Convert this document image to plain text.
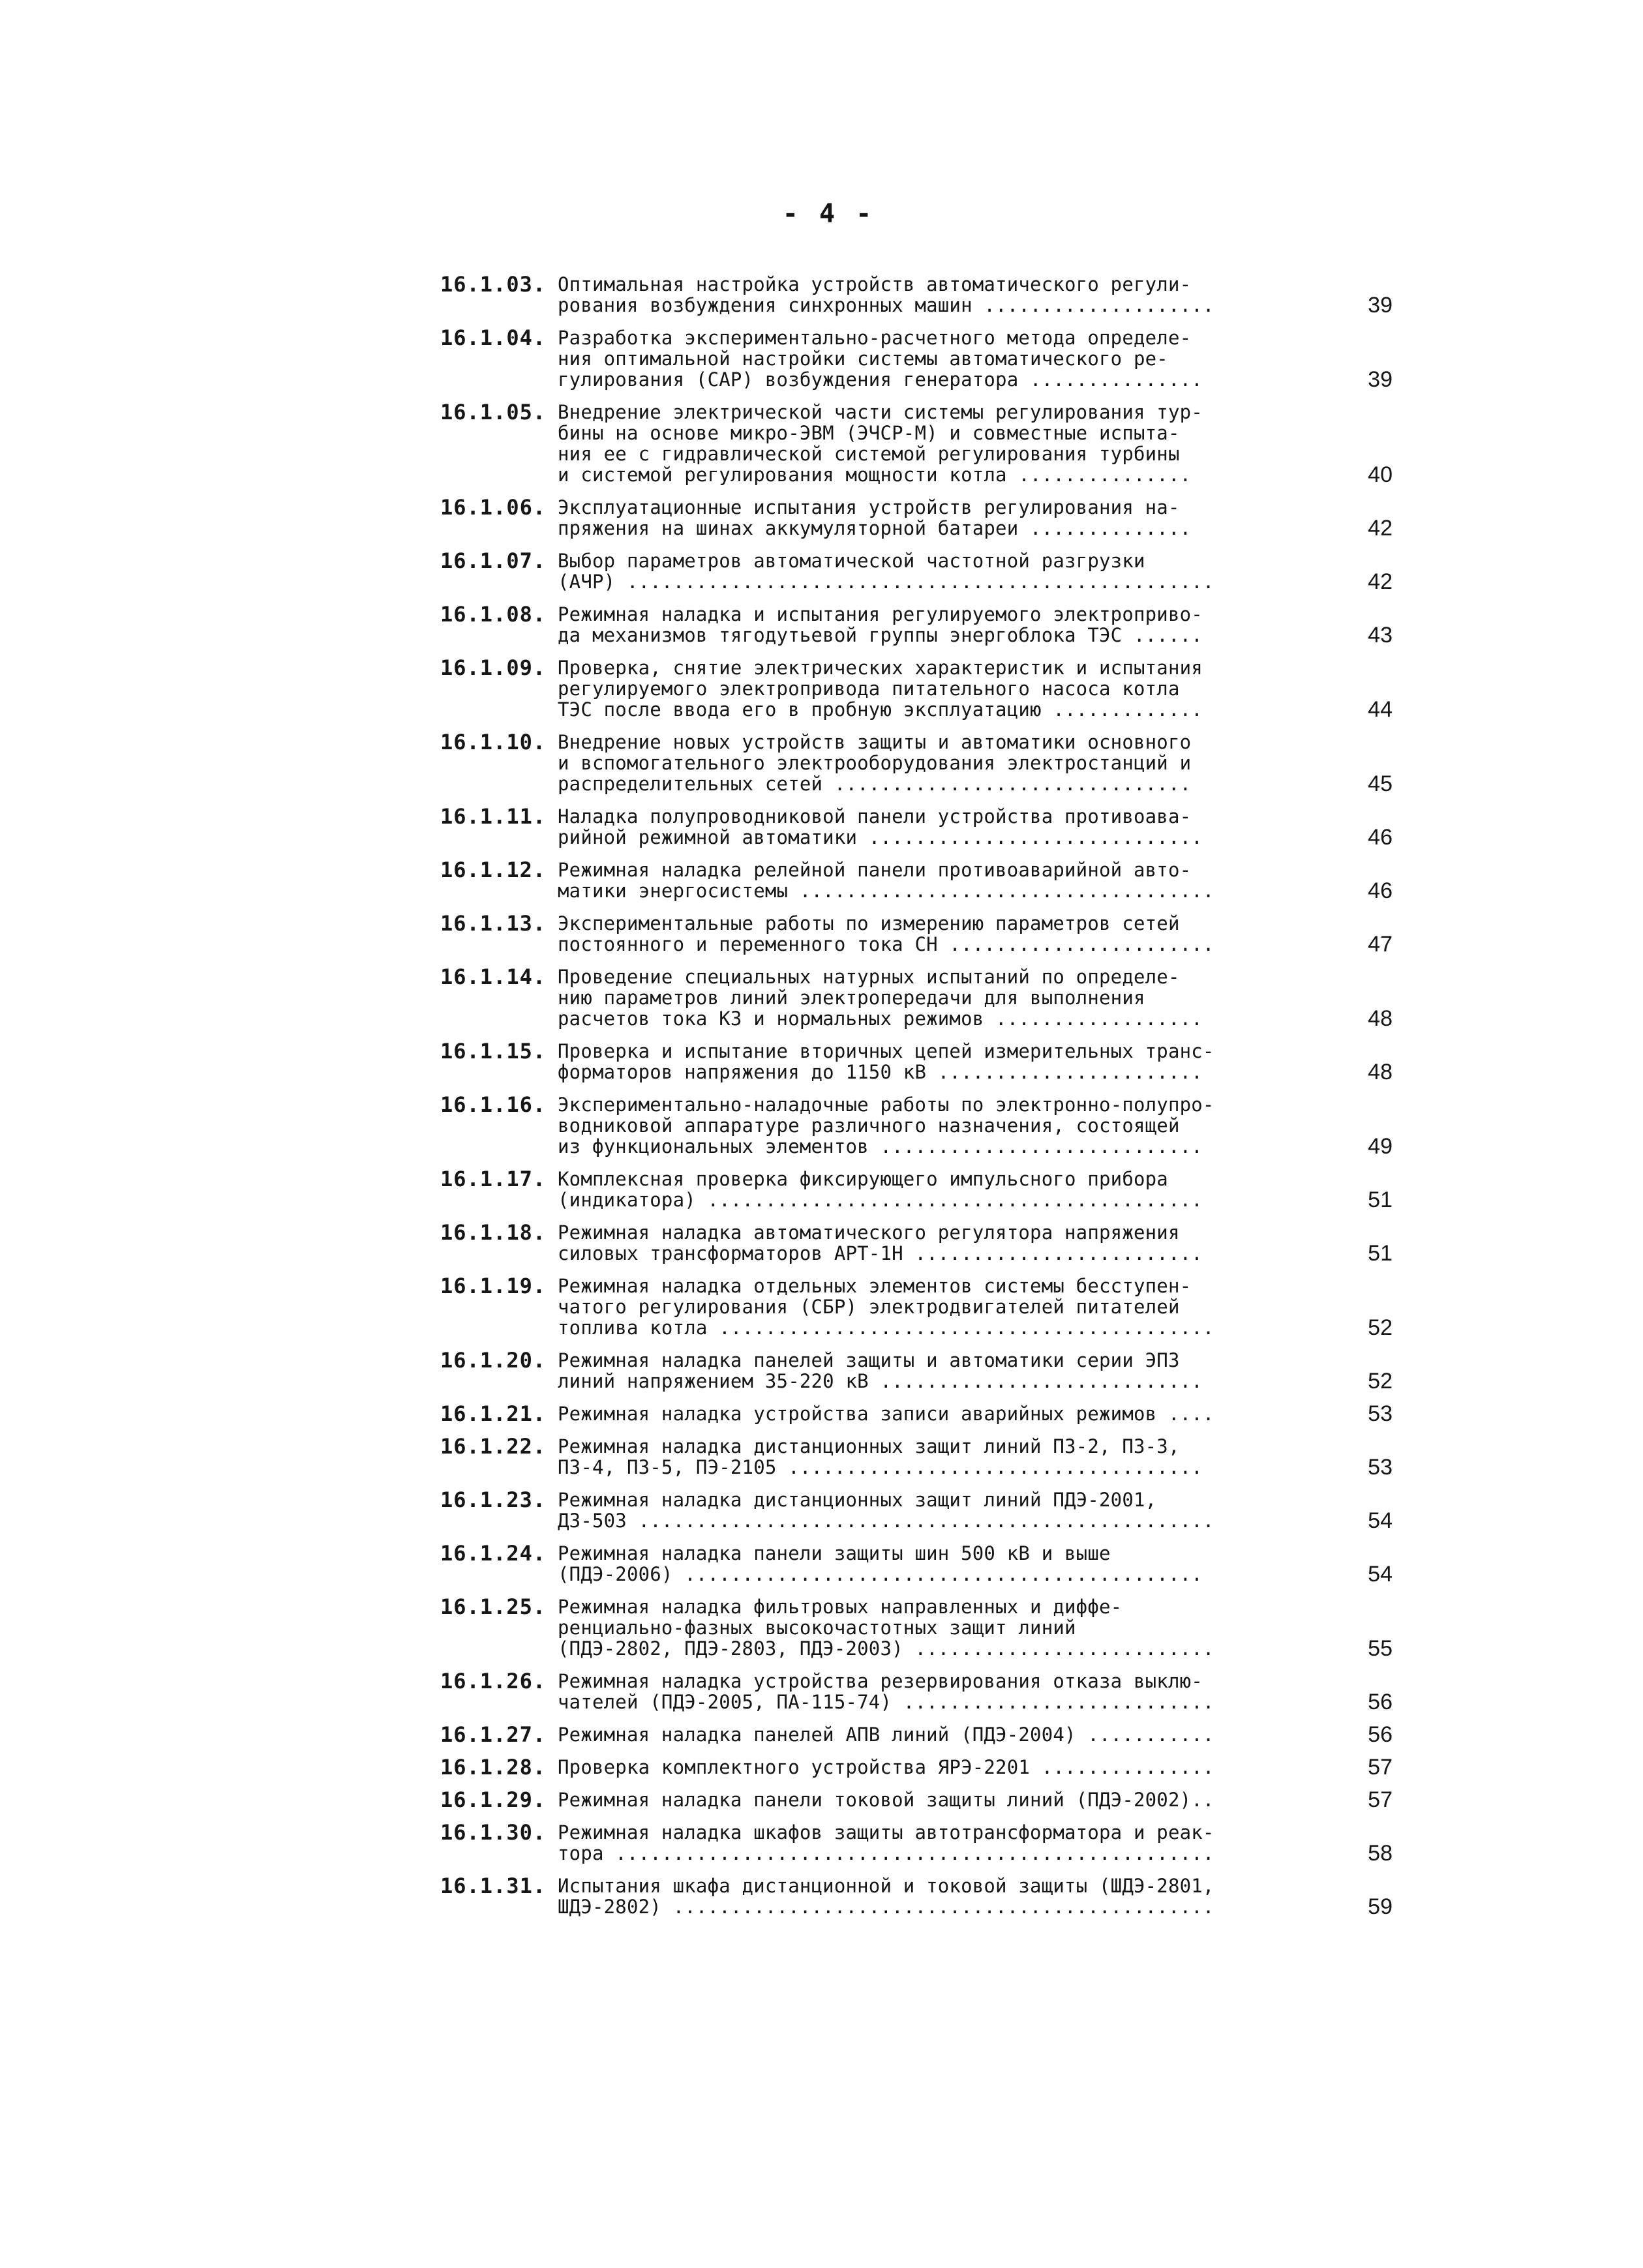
- 4 -
16.1.03. Оптимальная настройка устройств автоматического регули-
рования возбуждения синхронных машин ....................	39
16.1.04. Разработка экспериментально-расчетного метода определе-
ния оптимальной настройки системы автоматического ре-
гулирования (САР) возбуждения генератора ...............	39
16.1.05. Внедрение электрической части системы регулирования тур-
бины на основе микро-ЭВМ (ЭЧСР-М) и совместные испыта-
ния ее с гидравлической системой регулирования турбины
и системой регулирования мощности котла ...............	40
16.1.06. Эксплуатационные испытания устройств регулирования на-
пряжения на шинах аккумуляторной батареи ..............	42
16.1.07. Выбор параметров автоматической частотной разгрузки
(АЧР) ...................................................	42
16.1.08. Режимная наладка и испытания регулируемого электроприво-
да механизмов тягодутьевой группы энергоблока ТЭС ......	43
16.1.09. Проверка, снятие электрических характеристик и испытания
регулируемого электропривода питательного насоса котла
ТЭС после ввода его в пробную эксплуатацию .............	44
16.1.10. Внедрение новых устройств защиты и автоматики основного
и вспомогательного электрооборудования электростанций и
распределительных сетей ...............................	45
16.1.11. Наладка полупроводниковой панели устройства противоава-
рийной режимной автоматики .............................	46
16.1.12. Режимная наладка релейной панели противоаварийной авто-
матики энергосистемы ....................................	46
16.1.13. Экспериментальные работы по измерению параметров сетей
постоянного и переменного тока СН .......................	47
16.1.14. Проведение специальных натурных испытаний по определе-
нию параметров линий электропередачи для выполнения
расчетов тока КЗ и нормальных режимов ..................	48
16.1.15. Проверка и испытание вторичных цепей измерительных транс-
форматоров напряжения до 1150 кВ .......................	48
16.1.16. Экспериментально-наладочные работы по электронно-полупро-
водниковой аппаратуре различного назначения, состоящей
из функциональных элементов ............................	49
16.1.17. Комплексная проверка фиксирующего импульсного прибора
(индикатора) ...........................................	51
16.1.18. Режимная наладка автоматического регулятора напряжения
силовых трансформаторов АРТ-1Н .........................	51
16.1.19. Режимная наладка отдельных элементов системы бесступен-
чатого регулирования (СБР) электродвигателей питателей
топлива котла ...........................................	52
16.1.20. Режимная наладка панелей защиты и автоматики серии ЭПЗ
линий напряжением 35-220 кВ ............................	52
16.1.21. Режимная наладка устройства записи аварийных режимов ....	53
16.1.22. Режимная наладка дистанционных защит линий П3-2, П3-3,
П3-4, П3-5, ПЭ-2105 ....................................	53
16.1.23. Режимная наладка дистанционных защит линий ПДЭ-2001,
ДЗ-503 ..................................................	54
16.1.24. Режимная наладка панели защиты шин 500 кВ и выше
(ПДЭ-2006) .............................................	54
16.1.25. Режимная наладка фильтровых направленных и диффе-
ренциально-фазных высокочастотных защит линий
(ПДЭ-2802, ПДЭ-2803, ПДЭ-2003) ..........................	55
16.1.26. Режимная наладка устройства резервирования отказа выклю-
чателей (ПДЭ-2005, ПА-115-74) ...........................	56
16.1.27. Режимная наладка панелей АПВ линий (ПДЭ-2004) ...........	56
16.1.28. Проверка комплектного устройства ЯРЭ-2201 ...............	57
16.1.29. Режимная наладка панели токовой защиты линий (ПДЭ-2002)..	57
16.1.30. Режимная наладка шкафов защиты автотрансформатора и реак-
тора ....................................................	58
16.1.31. Испытания шкафа дистанционной и токовой защиты (ШДЭ-2801,
ШДЭ-2802) ...............................................	59
